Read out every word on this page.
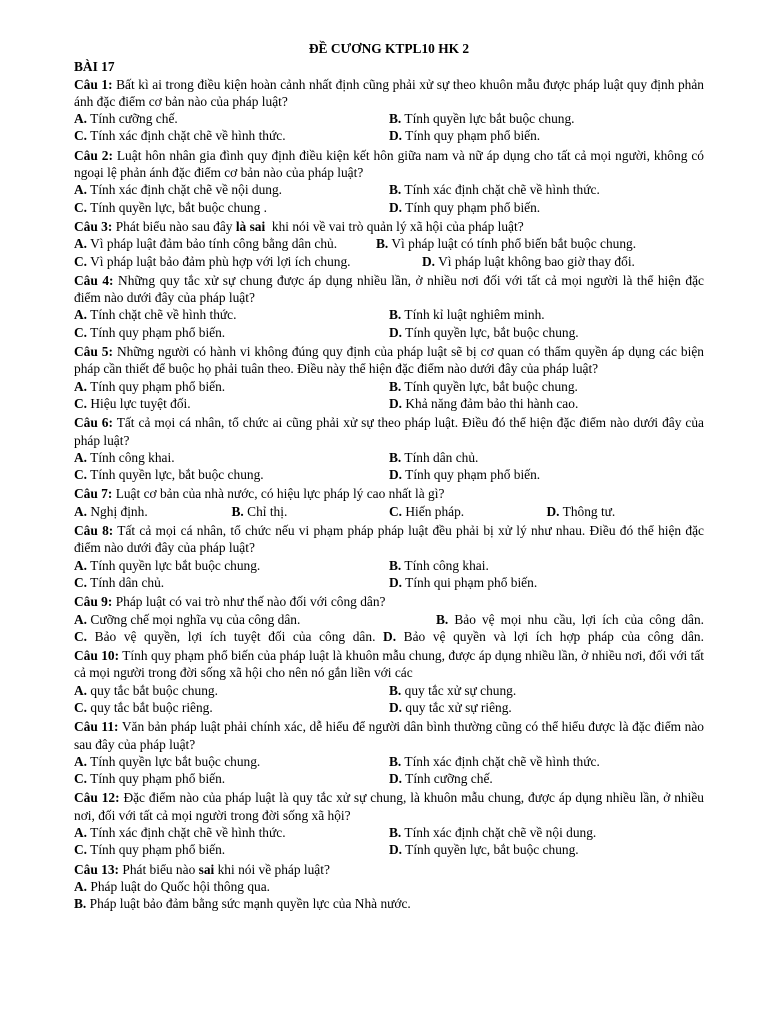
ĐỀ CƯƠNG KTPL10 HK 2
BÀI 17
Câu 1: Bất kì ai trong điều kiện hoàn cảnh nhất định cũng phải xử sự theo khuôn mẫu được pháp luật quy định phản ánh đặc điểm cơ bản nào của pháp luật?
A. Tính cưỡng chế.	B. Tính quyền lực bắt buộc chung.
C. Tính xác định chặt chẽ về hình thức.	D. Tính quy phạm phổ biến.
Câu 2: Luật hôn nhân gia đình quy định điều kiện kết hôn giữa nam và nữ áp dụng cho tất cả mọi người, không có ngoại lệ phản ánh đặc điểm cơ bản nào của pháp luật?
A. Tính xác định chặt chẽ về nội dung.	B. Tính xác định chặt chẽ về hình thức.
C. Tính quyền lực, bắt buộc chung .	D. Tính quy phạm phổ biến.
Câu 3: Phát biểu nào sau đây là sai  khi nói về vai trò quản lý xã hội của pháp luật?
A. Vì pháp luật đảm bảo tính công bằng dân chủ.	B. Vì pháp luật có tính phổ biến bắt buộc chung.
C. Vì pháp luật bảo đảm phù hợp với lợi ích chung.	D. Vì pháp luật không bao giờ thay đổi.
Câu 4: Những quy tắc xử sự chung được áp dụng nhiều lần, ở nhiều nơi đối với tất cả mọi người là thể hiện đặc điểm nào dưới đây của pháp luật?
A. Tính chặt chẽ về hình thức.	B. Tính kỉ luật nghiêm minh.
C. Tính quy phạm phổ biến.	D. Tính quyền lực, bắt buộc chung.
Câu 5: Những người có hành vi không đúng quy định của pháp luật sẽ bị cơ quan có thẩm quyền áp dụng các biện pháp cần thiết để buộc họ phải tuân theo. Điều này thể hiện đặc điểm nào dưới đây của pháp luật?
A. Tính quy phạm phổ biến.	B. Tính quyền lực, bắt buộc chung.
C. Hiệu lực tuyệt đối.	D. Khả năng đảm bảo thi hành cao.
Câu 6: Tất cả mọi cá nhân, tổ chức ai cũng phải xử sự theo pháp luật. Điều đó thể hiện đặc điểm nào dưới đây của pháp luật?
A. Tính công khai.	B. Tính dân chủ.
C. Tính quyền lực, bắt buộc chung.	D. Tính quy phạm phổ biến.
Câu 7: Luật cơ bản của nhà nước, có hiệu lực pháp lý cao nhất là gì?
A. Nghị định.	B. Chỉ thị.	C. Hiến pháp.	D. Thông tư.
Câu 8: Tất cả mọi cá nhân, tổ chức nếu vi phạm pháp pháp luật đều phải bị xử lý như nhau. Điều đó thể hiện đặc điểm nào dưới đây của pháp luật?
A. Tính quyền lực bắt buộc chung.	B. Tính công khai.
C. Tính dân chủ.	D. Tính qui phạm phổ biến.
Câu 9: Pháp luật có vai trò như thế nào đối với công dân?
A. Cưỡng chế mọi nghĩa vụ của công dân.	B. Bảo vệ mọi nhu cầu, lợi ích của công dân.

C. Bảo vệ quyền, lợi ích tuyệt đối của công dân. D. Bảo vệ quyền và lợi ích hợp pháp của công dân.
Câu 10: Tính quy phạm phổ biến của pháp luật là khuôn mẫu chung, được áp dụng nhiều lần, ở nhiều nơi, đối với tất cả mọi người trong đời sống xã hội cho nên nó gắn liền với các
A. quy tắc bắt buộc chung.	B. quy tắc xử sự chung.
C. quy tắc bắt buộc riêng.	D. quy tắc xử sự riêng.
Câu 11: Văn bản pháp luật phải chính xác, dễ hiểu để người dân bình thường cũng có thể hiểu được là đặc điểm nào sau đây của pháp luật?
A. Tính quyền lực bắt buộc chung.	B. Tính xác định chặt chẽ về hình thức.
C. Tính quy phạm phổ biến.	D. Tính cưỡng chế.
Câu 12: Đặc điểm nào của pháp luật là quy tắc xử sự chung, là khuôn mẫu chung, được áp dụng nhiều lần, ở nhiều nơi, đối với tất cả mọi người trong đời sống xã hội?
A. Tính xác định chặt chẽ về hình thức.	B. Tính xác định chặt chẽ về nội dung.
C. Tính quy phạm phổ biến.	D. Tính quyền lực, bắt buộc chung.
Câu 13: Phát biểu nào sai khi nói về pháp luật?
A. Pháp luật do Quốc hội thông qua.
B. Pháp luật bảo đảm bằng sức mạnh quyền lực của Nhà nước.
